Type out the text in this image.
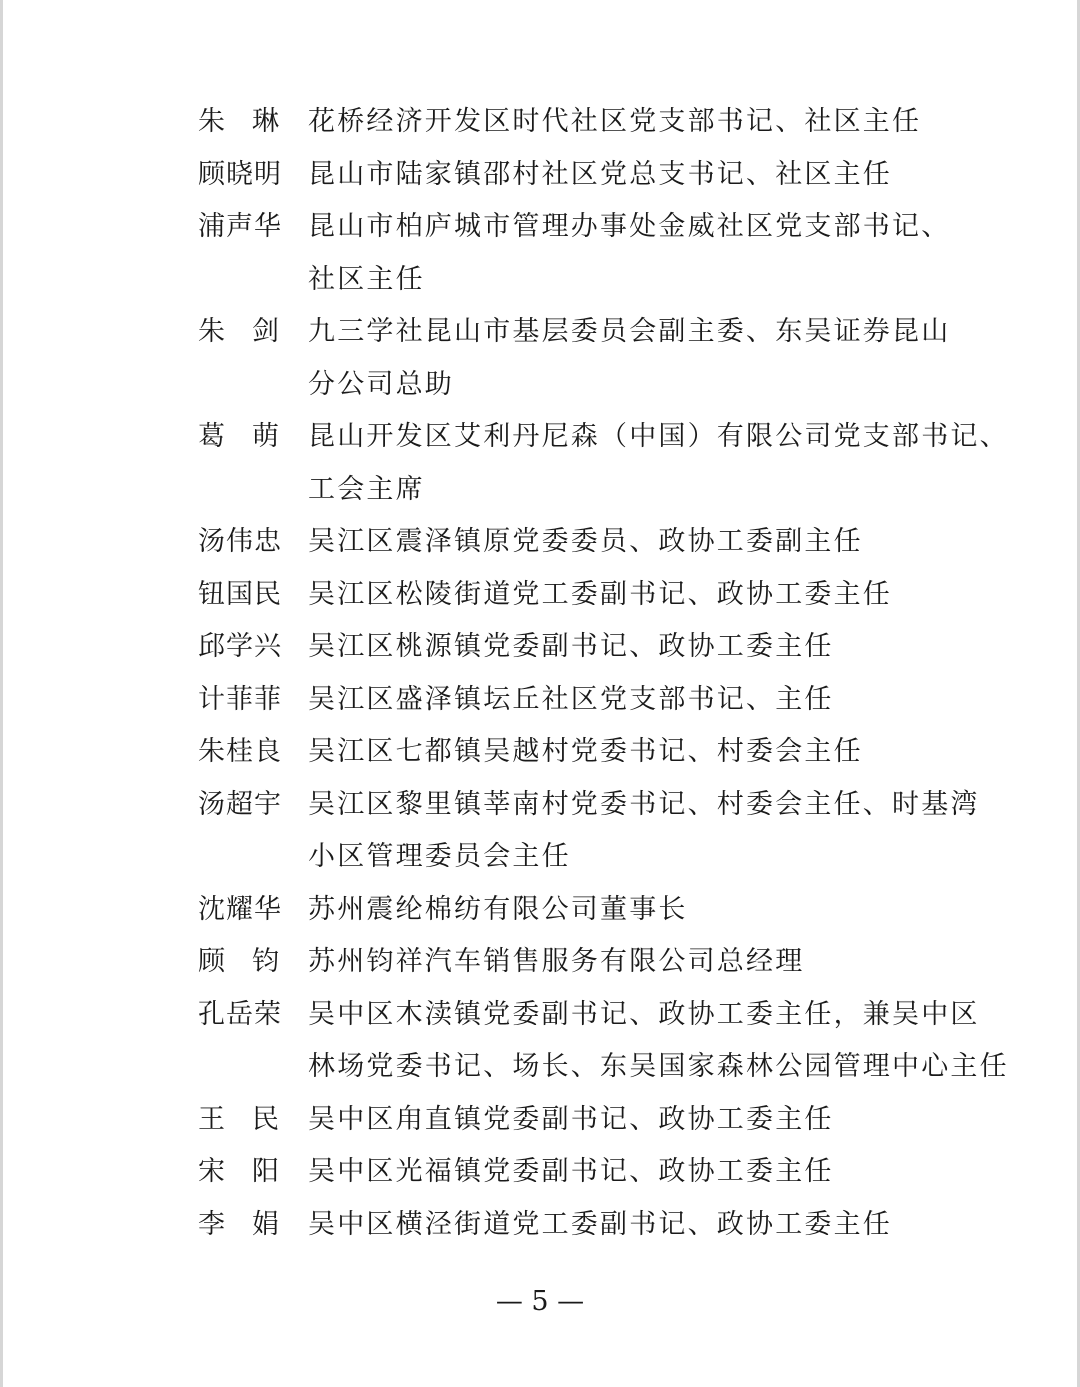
朱 琳	花桥经济开发区时代社区党支部书记、社区主任
顾晓明 昆山市陆家镇邵村社区党总支书记、社区主任
浦声华 昆山市柏庐城市管理办事处金威社区党支部书记、
社区主任
朱 剑	九三学社昆山市基层委员会副主委、东吴证券昆山
分公司总助
葛 萌	昆山开发区艾利丹尼森（中国）有限公司党支部书记、
工会主席
汤伟忠 吴江区震泽镇原党委委员、政协工委副主任
钮国民 吴江区松陵街道党工委副书记、政协工委主任
邱学兴 吴江区桃源镇党委副书记、政协工委主任
计菲菲 吴江区盛泽镇坛丘社区党支部书记、主任
朱桂良 吴江区七都镇吴越村党委书记、村委会主任
汤超宇 吴江区黎里镇莘南村党委书记、村委会主任、时基湾
小区管理委员会主任
沈耀华 苏州震纶棉纺有限公司董事长
顾 钧	苏州钧祥汽车销售服务有限公司总经理
孔岳荣 吴中区木渎镇党委副书记、政协工委主任，兼吴中区
林场党委书记、场长、东吴国家森林公园管理中心主任
王 民	吴中区甪直镇党委副书记、政协工委主任
宋 阳	吴中区光福镇党委副书记、政协工委主任
李 娟	吴中区横泾街道党工委副书记、政协工委主任
— 5 —
